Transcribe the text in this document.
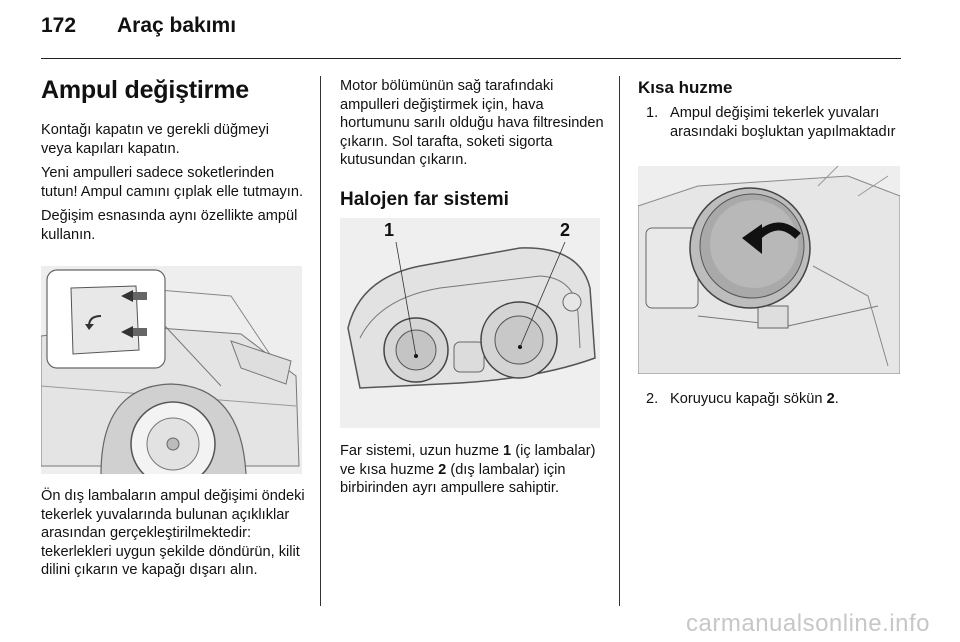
172 Araç bakımı
Ampul değiştirme

Kontağı kapatın ve gerekli düğmeyi veya kapıları kapatın.

Yeni ampulleri sadece soketlerinden tutun! Ampul camını çıplak elle tutmayın.

Değişim esnasında aynı özellikte ampül kullanın.

Ön dış lambaların ampul değişimi öndeki tekerlek yuvalarında bulunan açıklıklar arasından gerçekleştirilmektedir: tekerlekleri uygun şekilde döndürün, kilit dilini çıkarın ve kapağı dışarı alın.
Motor bölümünün sağ tarafındaki ampulleri değiştirmek için, hava hortumunu sarılı olduğu hava filtresinden çıkarın. Sol tarafta, soketi sigorta kutusundan çıkarın.
Halojen far sistemi
1	2
Far sistemi, uzun huzme 1 (iç lambalar) ve kısa huzme 2 (dış lambalar) için birbirinden ayrı ampullere sahiptir.
Kısa huzme
1. Ampul değişimi tekerlek yuvaları arasındaki boşluktan yapılmaktadır
2. Koruyucu kapağı sökün 2.
carmanualsonline.info
